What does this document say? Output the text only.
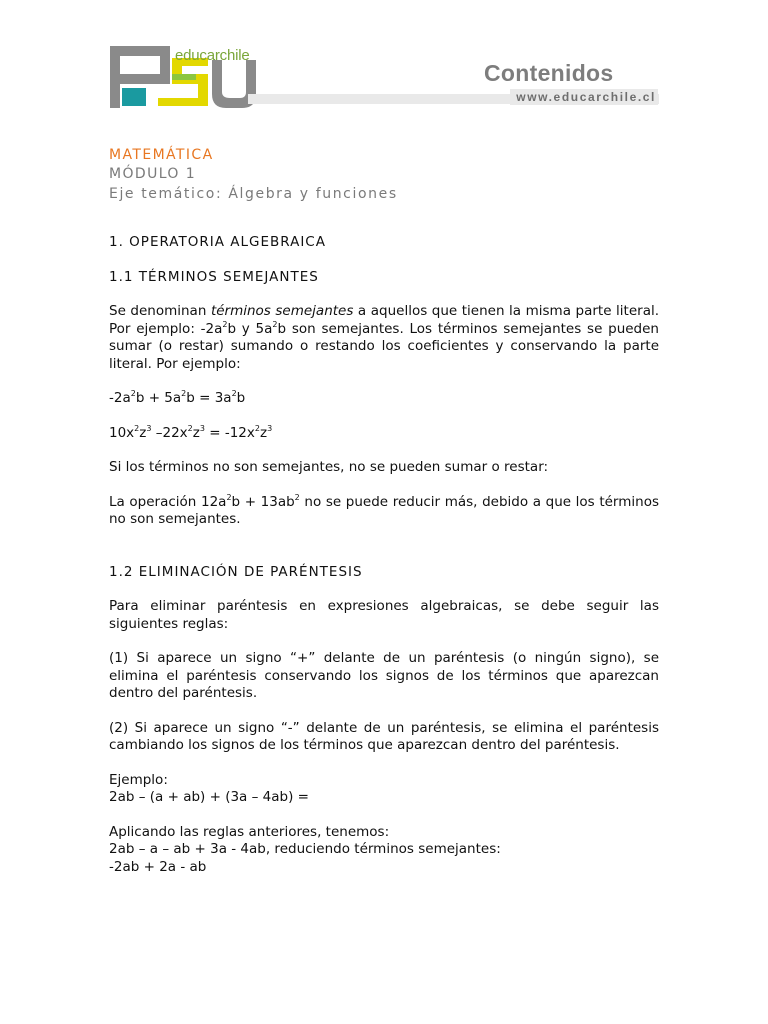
educarchile
Contenidos
www.educarchile.cl
MATEMÁTICA
MÓDULO 1
Eje temático: Álgebra y funciones
1. OPERATORIA ALGEBRAICA
1.1 TÉRMINOS SEMEJANTES

Se denominan términos semejantes a aquellos que tienen la misma parte literal. Por ejemplo: $-2a^2b$ y $5a^2b$ son semejantes. Los términos semejantes se pueden sumar (o restar) sumando o restando los coeficientes y conservando la parte literal. Por ejemplo:

$-2a^2b + 5a^2b = 3a^2b$

$10x^2z^3$ $-22x^2z^3 = -12x^2z^3$

Si los términos no son semejantes, no se pueden sumar o restar:

La operación $12a^2b + 13ab^2$ no se puede reducir más, debido a que los términos no son semejantes.

1.2 ELIMINACIÓN DE PARÉNTESIS

Para eliminar paréntesis en expresiones algebraicas, se debe seguir las siguientes reglas:

(1) Si aparece un signo “+” delante de un paréntesis (o ningún signo), se elimina el paréntesis conservando los signos de los términos que aparezcan dentro del paréntesis.

(2) Si aparece un signo “-” delante de un paréntesis, se elimina el paréntesis cambiando los signos de los términos que aparezcan dentro del paréntesis.

Ejemplo:

2ab – (a + ab) + (3a – 4ab) =

Aplicando las reglas anteriores, tenemos:

2ab – a – ab + 3a - 4ab, reduciendo términos semejantes:

-2ab + 2a - ab
